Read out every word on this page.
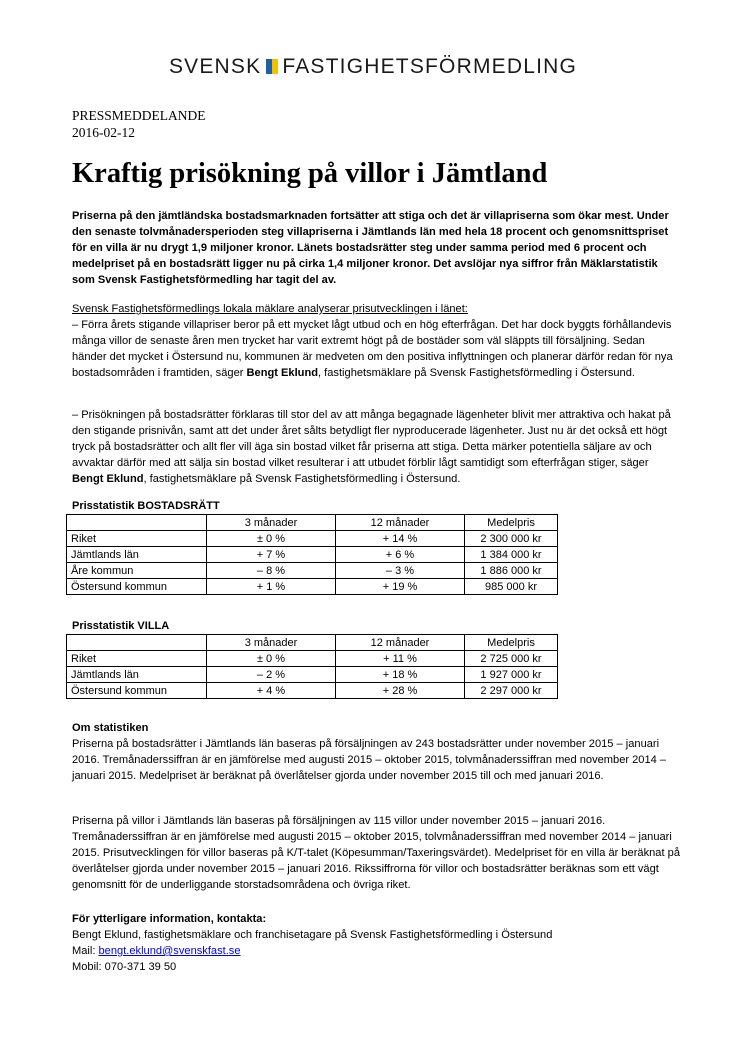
SVENSK FASTIGHETSFÖRMEDLING
PRESSMEDDELANDE
2016-02-12
Kraftig prisökning på villor i Jämtland
Priserna på den jämtländska bostadsmarknaden fortsätter att stiga och det är villapriserna som ökar mest. Under den senaste tolvmånadersperioden steg villapriserna i Jämtlands län med hela 18 procent och genomsnittspriset för en villa är nu drygt 1,9 miljoner kronor. Länets bostadsrätter steg under samma period med 6 procent och medelpriset på en bostadsrätt ligger nu på cirka 1,4 miljoner kronor. Det avslöjar nya siffror från Mäklarstatistik som Svensk Fastighetsförmedling har tagit del av.
Svensk Fastighetsförmedlings lokala mäklare analyserar prisutvecklingen i länet:
– Förra årets stigande villapriser beror på ett mycket lågt utbud och en hög efterfrågan. Det har dock byggts förhållandevis många villor de senaste åren men trycket har varit extremt högt på de bostäder som väl släppts till försäljning. Sedan händer det mycket i Östersund nu, kommunen är medveten om den positiva inflyttningen och planerar därför redan för nya bostadsområden i framtiden, säger Bengt Eklund, fastighetsmäklare på Svensk Fastighetsförmedling i Östersund.
– Prisökningen på bostadsrätter förklaras till stor del av att många begagnade lägenheter blivit mer attraktiva och hakat på den stigande prisnivån, samt att det under året sålts betydligt fler nyproducerade lägenheter. Just nu är det också ett högt tryck på bostadsrätter och allt fler vill äga sin bostad vilket får priserna att stiga. Detta märker potentiella säljare av och avvaktar därför med att sälja sin bostad vilket resulterar i att utbudet förblir lågt samtidigt som efterfrågan stiger, säger Bengt Eklund, fastighetsmäklare på Svensk Fastighetsförmedling i Östersund.
Prisstatistik BOSTADSRÄTT
	3 månader	12 månader	Medelpris
Riket	± 0 %	+ 14 %	2 300 000 kr
Jämtlands län	+ 7 %	+ 6 %	1 384 000 kr
Åre kommun	– 8 %	– 3 %	1 886 000 kr
Östersund kommun	+ 1 %	+ 19 %	985 000 kr
Prisstatistik VILLA
	3 månader	12 månader	Medelpris
Riket	± 0 %	+ 11 %	2 725 000 kr
Jämtlands län	– 2 %	+ 18 %	1 927 000 kr
Östersund kommun	+ 4 %	+ 28 %	2 297 000 kr
Om statistiken
Priserna på bostadsrätter i Jämtlands län baseras på försäljningen av 243 bostadsrätter under november 2015 – januari 2016. Tremånaderssiffran är en jämförelse med augusti 2015 – oktober 2015, tolvmånaderssiffran med november 2014 – januari 2015. Medelpriset är beräknat på överlåtelser gjorda under november 2015 till och med januari 2016.
Priserna på villor i Jämtlands län baseras på försäljningen av 115 villor under november 2015 – januari 2016. Tremånaderssiffran är en jämförelse med augusti 2015 – oktober 2015, tolvmånaderssiffran med november 2014 – januari 2015. Prisutvecklingen för villor baseras på K/T-talet (Köpesumman/Taxeringsvärdet). Medelpriset för en villa är beräknat på överlåtelser gjorda under november 2015 – januari 2016. Rikssiffrorna för villor och bostadsrätter beräknas som ett vägt genomsnitt för de underliggande storstadsområdena och övriga riket.
För ytterligare information, kontakta:
Bengt Eklund, fastighetsmäklare och franchisetagare på Svensk Fastighetsförmedling i Östersund
Mail: bengt.eklund@svenskfast.se
Mobil: 070-371 39 50
